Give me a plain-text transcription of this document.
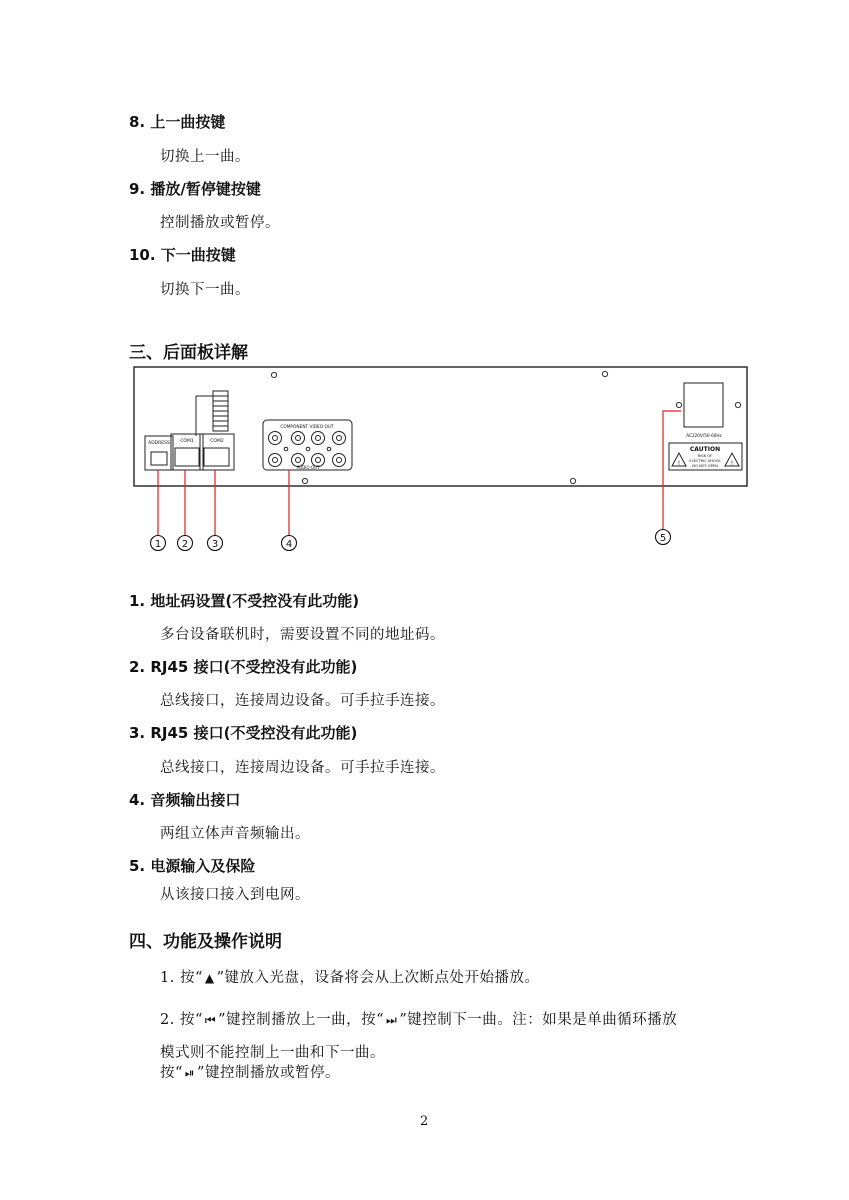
8. 上一曲按键
切换上一曲。
9. 播放/暂停键按键
控制播放或暂停。
10. 下一曲按键
切换下一曲。
三、后面板详解
ADDRESS COM1	COM2
COMPONENT VIDEO OUT
AUDIO OUT
AC220V/50-60Hz
!	!
CAUTION
RISK OF
ELECTRIC SHOCK
DO NOT OPEN
1 2 3	4
5
1. 地址码设置(不受控没有此功能)
多台设备联机时，需要设置不同的地址码。
2. RJ45 接口(不受控没有此功能)
总线接口，连接周边设备。可手拉手连接。
3. RJ45 接口(不受控没有此功能)
总线接口，连接周边设备。可手拉手连接。
4. 音频输出接口
两组立体声音频输出。
5. 电源输入及保险
从该接口接入到电网。
四、功能及操作说明
1. 按“ ▲ ”键放入光盘，设备将会从上次断点处开始播放。
2. 按“ ⏮ ”键控制播放上一曲，按“ ⏭ ”键控制下一曲。注：如果是单曲循环播放
模式则不能控制上一曲和下一曲。
按“ ⏯ ”键控制播放或暂停。
2
